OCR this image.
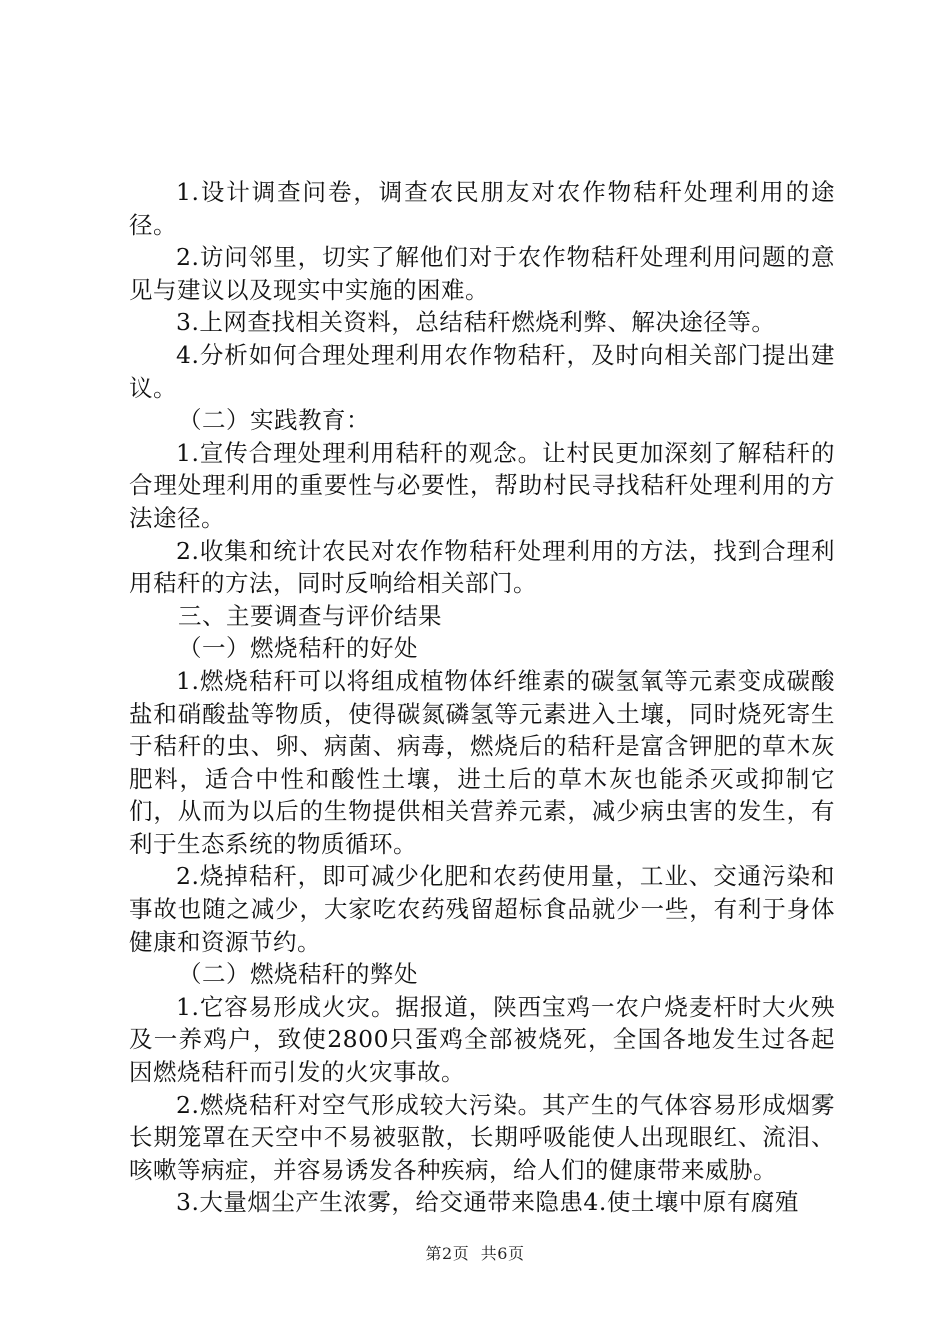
1.设计调查问卷，调查农民朋友对农作物秸秆处理利用的途径。

2.访问邻里，切实了解他们对于农作物秸秆处理利用问题的意见与建议以及现实中实施的困难。

3.上网查找相关资料，总结秸秆燃烧利弊、解决途径等。

4.分析如何合理处理利用农作物秸秆，及时向相关部门提出建议。

（二）实践教育：

1.宣传合理处理利用秸秆的观念。让村民更加深刻了解秸秆的合理处理利用的重要性与必要性，帮助村民寻找秸秆处理利用的方法途径。

2.收集和统计农民对农作物秸秆处理利用的方法，找到合理利用秸秆的方法，同时反响给相关部门。

三、主要调查与评价结果

（一）燃烧秸秆的好处

1.燃烧秸秆可以将组成植物体纤维素的碳氢氧等元素变成碳酸盐和硝酸盐等物质，使得碳氮磷氢等元素进入土壤，同时烧死寄生于秸秆的虫、卵、病菌、病毒，燃烧后的秸秆是富含钾肥的草木灰肥料，适合中性和酸性土壤，进土后的草木灰也能杀灭或抑制它们，从而为以后的生物提供相关营养元素，减少病虫害的发生，有利于生态系统的物质循环。

2.烧掉秸秆，即可减少化肥和农药使用量，工业、交通污染和事故也随之减少，大家吃农药残留超标食品就少一些，有利于身体健康和资源节约。

（二）燃烧秸秆的弊处

1.它容易形成火灾。据报道，陕西宝鸡一农户烧麦杆时大火殃及一养鸡户，致使2800只蛋鸡全部被烧死，全国各地发生过各起因燃烧秸秆而引发的火灾事故。

2.燃烧秸秆对空气形成较大污染。其产生的气体容易形成烟雾长期笼罩在天空中不易被驱散，长期呼吸能使人出现眼红、流泪、咳嗽等病症，并容易诱发各种疾病，给人们的健康带来威胁。

3.大量烟尘产生浓雾，给交通带来隐患4.使土壤中原有腐殖

第2页 共6页
